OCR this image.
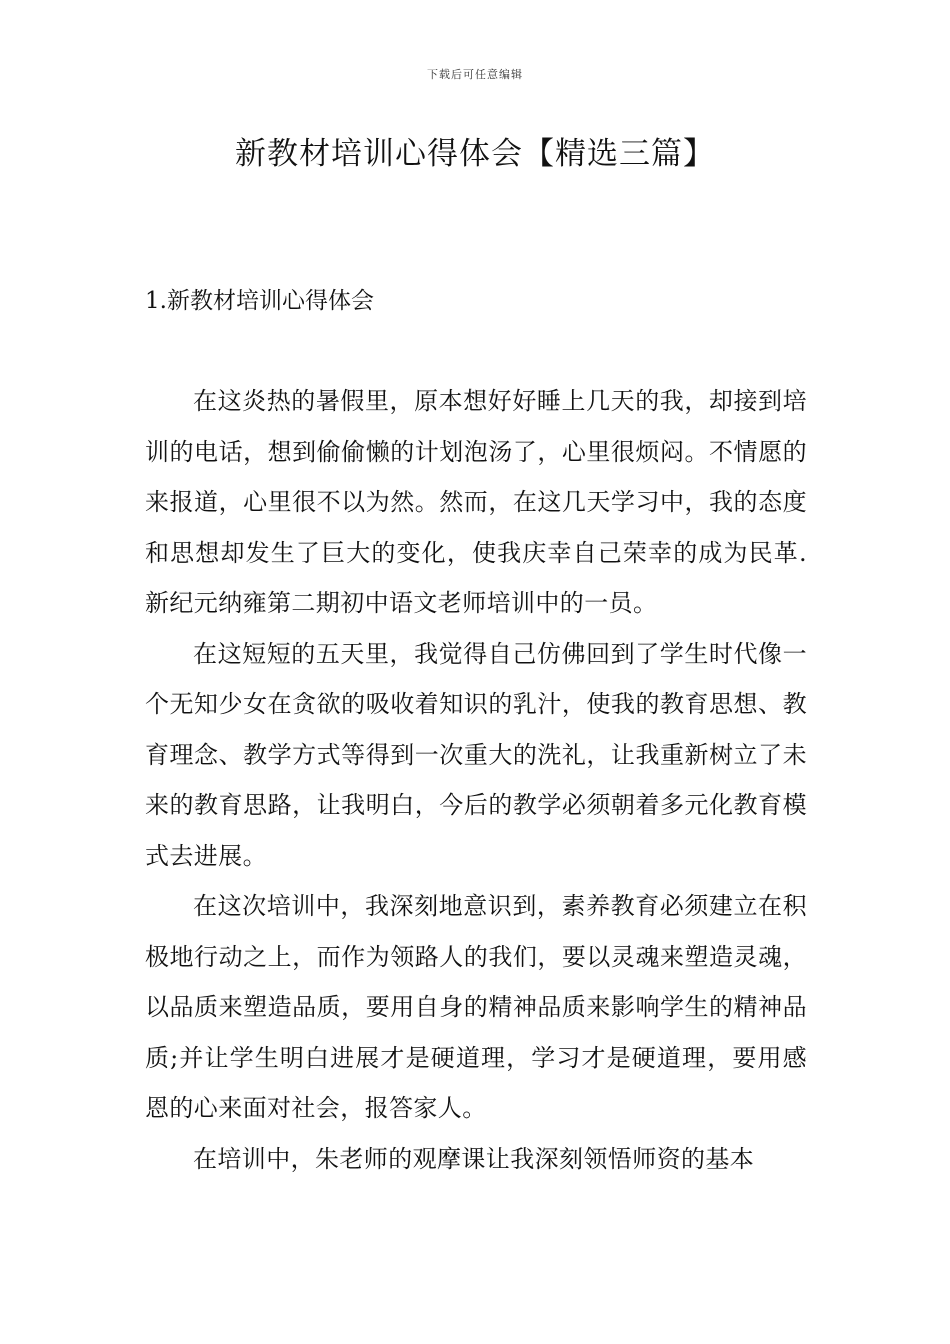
下载后可任意编辑
新教材培训心得体会【精选三篇】
1.新教材培训心得体会

在这炎热的暑假里，原本想好好睡上几天的我，却接到培训的电话，想到偷偷懒的计划泡汤了，心里很烦闷。不情愿的来报道，心里很不以为然。然而，在这几天学习中，我的态度和思想却发生了巨大的变化，使我庆幸自己荣幸的成为民革.新纪元纳雍第二期初中语文老师培训中的一员。

在这短短的五天里，我觉得自己仿佛回到了学生时代像一个无知少女在贪欲的吸收着知识的乳汁，使我的教育思想、教育理念、教学方式等得到一次重大的洗礼，让我重新树立了未来的教育思路，让我明白，今后的教学必须朝着多元化教育模式去进展。

在这次培训中，我深刻地意识到，素养教育必须建立在积极地行动之上，而作为领路人的我们，要以灵魂来塑造灵魂，以品质来塑造品质，要用自身的精神品质来影响学生的精神品质;并让学生明白进展才是硬道理，学习才是硬道理，要用感恩的心来面对社会，报答家人。

在培训中，朱老师的观摩课让我深刻领悟师资的基本
